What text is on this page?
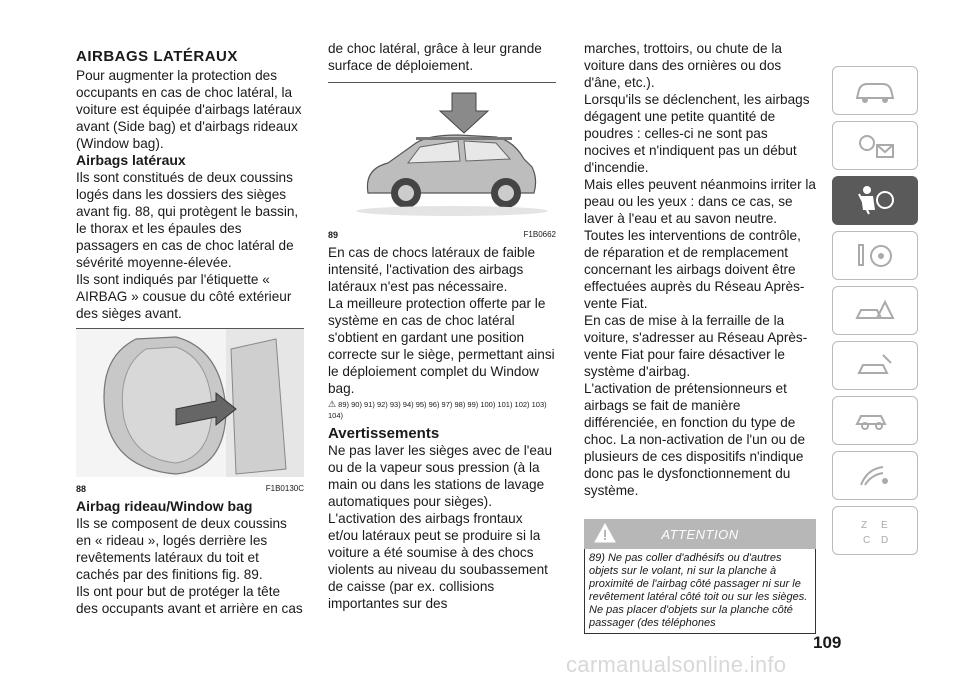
AIRBAGS LATÉRAUX

Pour augmenter la protection des occupants en cas de choc latéral, la voiture est équipée d'airbags latéraux avant (Side bag) et d'airbags rideaux (Window bag).

Airbags latéraux

Ils sont constitués de deux coussins logés dans les dossiers des sièges avant fig. 88, qui protègent le bassin, le thorax et les épaules des passagers en cas de choc latéral de sévérité moyenne-élevée.

Ils sont indiqués par l'étiquette « AIRBAG » cousue du côté extérieur des sièges avant.

88	F1B0130C
Airbag rideau/Window bag

Ils se composent de deux coussins en « rideau », logés derrière les revêtements latéraux du toit et cachés par des finitions fig. 89.

Ils ont pour but de protéger la tête des occupants avant et arrière en cas

de choc latéral, grâce à leur grande surface de déploiement.

89	F1B0662

En cas de chocs latéraux de faible intensité, l'activation des airbags latéraux n'est pas nécessaire.

La meilleure protection offerte par le système en cas de choc latéral s'obtient en gardant une position correcte sur le siège, permettant ainsi le déploiement complet du Window bag.

⚠ 89) 90) 91) 92) 93) 94) 95) 96) 97) 98) 99) 100) 101) 102) 103) 104)
Avertissements

Ne pas laver les sièges avec de l'eau ou de la vapeur sous pression (à la main ou dans les stations de lavage automatiques pour sièges).

L'activation des airbags frontaux et/ou latéraux peut se produire si la voiture a été soumise à des chocs violents au niveau du soubassement de caisse (par ex. collisions importantes sur des

marches, trottoirs, ou chute de la voiture dans des ornières ou dos d'âne, etc.).

Lorsqu'ils se déclenchent, les airbags dégagent une petite quantité de poudres : celles-ci ne sont pas nocives et n'indiquent pas un début d'incendie.

Mais elles peuvent néanmoins irriter la peau ou les yeux : dans ce cas, se laver à l'eau et au savon neutre.

Toutes les interventions de contrôle, de réparation et de remplacement concernant les airbags doivent être effectuées auprès du Réseau Après-vente Fiat.

En cas de mise à la ferraille de la voiture, s'adresser au Réseau Après-vente Fiat pour faire désactiver le système d'airbag.

L'activation de prétensionneurs et airbags se fait de manière différenciée, en fonction du type de choc. La non-activation de l'un ou de plusieurs de ces dispositifs n'indique donc pas le dysfonctionnement du système.

ATTENTION

89) Ne pas coller d'adhésifs ou d'autres objets sur le volant, ni sur la planche à proximité de l'airbag côté passager ni sur le revêtement latéral côté toit ou sur les sièges. Ne pas placer d'objets sur la planche côté passager (des téléphones

109
carmanualsonline.info
Z E
C D
